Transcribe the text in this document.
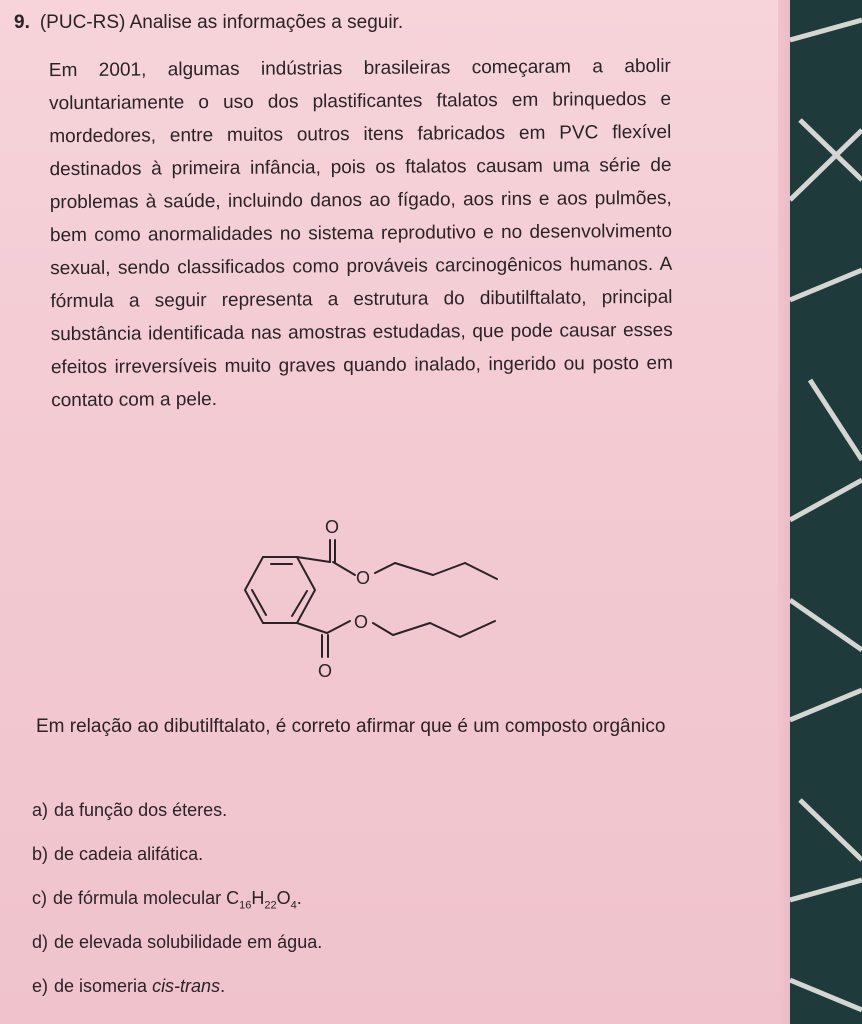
9. (PUC-RS) Analise as informações a seguir.
Em 2001, algumas indústrias brasileiras começaram a abolir voluntariamente o uso dos plastificantes ftalatos em brinquedos e mordedores, entre muitos outros itens fabricados em PVC flexível destinados à primeira infância, pois os ftalatos causam uma série de problemas à saúde, incluindo danos ao fígado, aos rins e aos pulmões, bem como anormalidades no sistema reprodutivo e no desenvolvimento sexual, sendo classificados como prováveis carcinogênicos humanos. A fórmula a seguir representa a estrutura do dibutilftalato, principal substância identificada nas amostras estudadas, que pode causar esses efeitos irreversíveis muito graves quando inalado, ingerido ou posto em contato com a pele.
O
O
O
O
Em relação ao dibutilftalato, é correto afirmar que é um composto orgânico
a) da função dos éteres.
b) de cadeia alifática.
c) de fórmula molecular $C_{16}H_{22}O_4$.
d) de elevada solubilidade em água.
e) de isomeria cis-trans.
